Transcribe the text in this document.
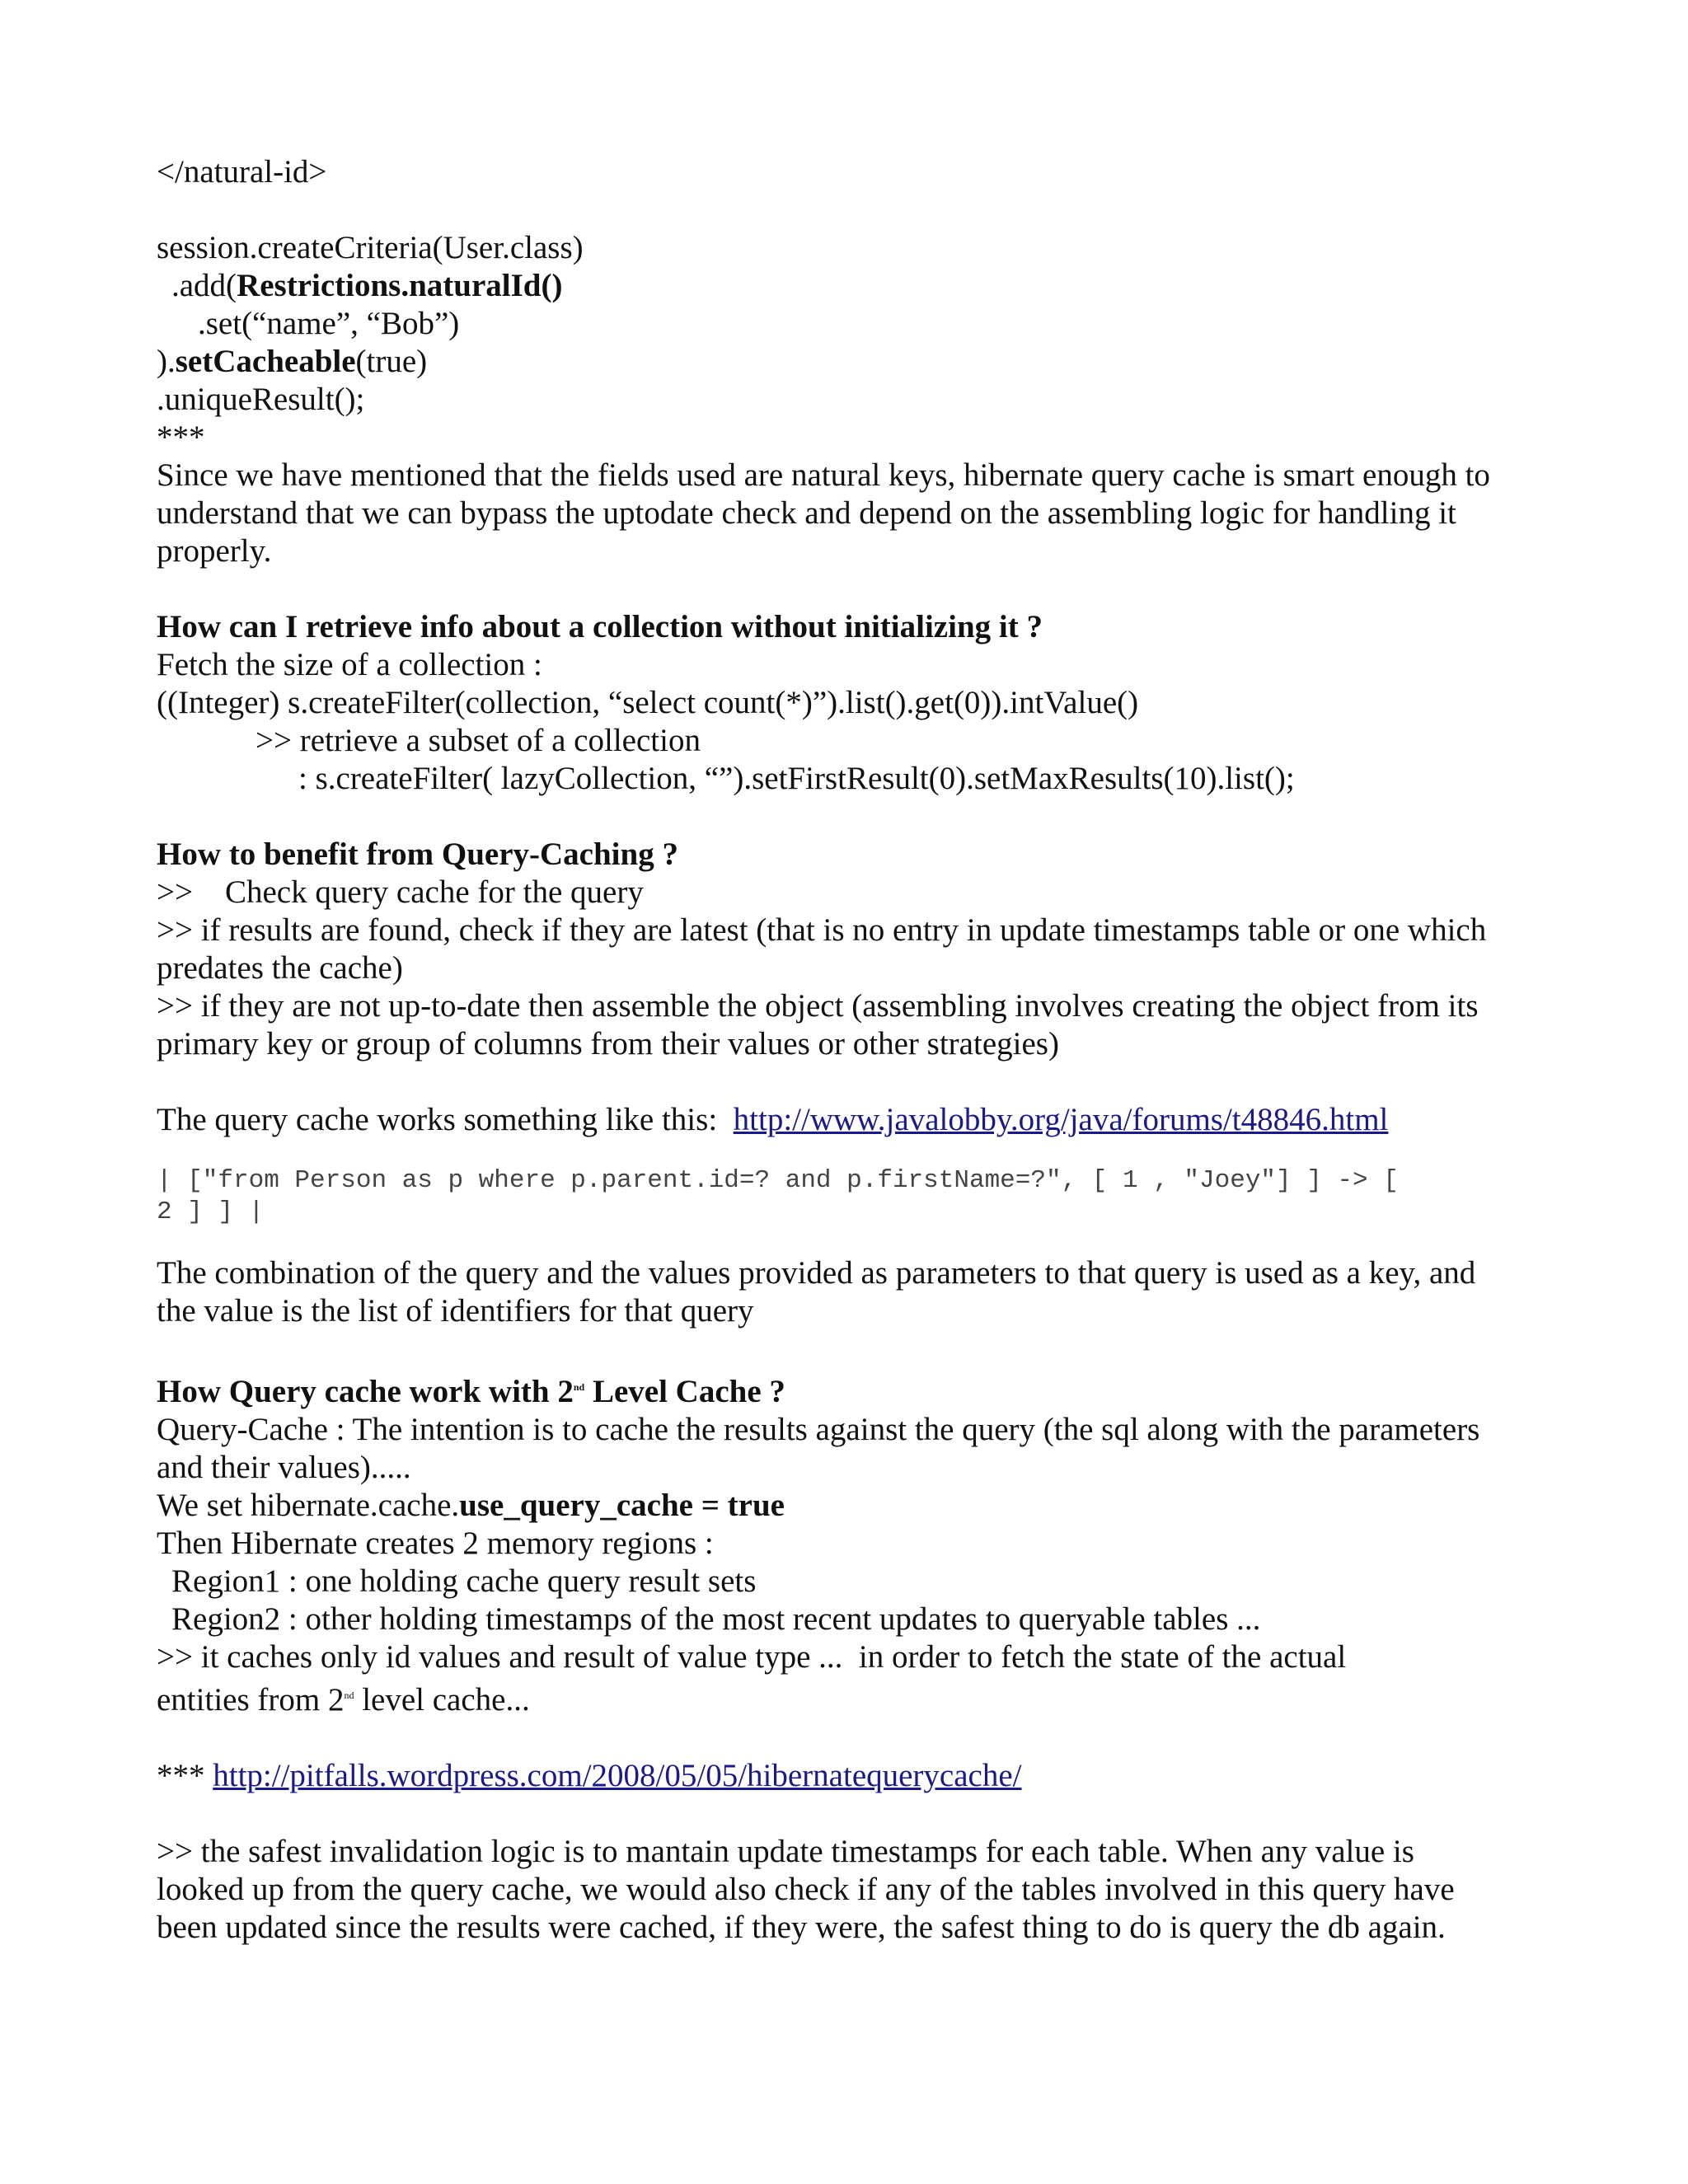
</natural-id>

session.createCriteria(User.class)

.add(Restrictions.naturalId()

.set(“name”, “Bob”)

).setCacheable(true)

.uniqueResult();

***

Since we have mentioned that the fields used are natural keys, hibernate query cache is smart enough to

understand that we can bypass the uptodate check and depend on the assembling logic for handling it

properly.

How can I retrieve info about a collection without initializing it ?

Fetch the size of a collection :

((Integer) s.createFilter(collection, “select count(*)”).list().get(0)).intValue()

>> retrieve a subset of a collection

: s.createFilter( lazyCollection, “”).setFirstResult(0).setMaxResults(10).list();

How to benefit from Query-Caching ?

>>    Check query cache for the query

>> if results are found, check if they are latest (that is no entry in update timestamps table or one which

predates the cache)

>> if they are not up-to-date then assemble the object (assembling involves creating the object from its

primary key or group of columns from their values or other strategies)

The query cache works something like this:  http://www.javalobby.org/java/forums/t48846.html

| ["from Person as p where p.parent.id=? and p.firstName=?", [ 1 , "Joey"] ] -> [

2 ] ] |

The combination of the query and the values provided as parameters to that query is used as a key, and

the value is the list of identifiers for that query

How Query cache work with 2nd Level Cache ?

Query-Cache : The intention is to cache the results against the query (the sql along with the parameters

and their values).....

We set hibernate.cache.use_query_cache = true

Then Hibernate creates 2 memory regions :

Region1 : one holding cache query result sets

Region2 : other holding timestamps of the most recent updates to queryable tables ...

>> it caches only id values and result of value type ...  in order to fetch the state of the actual

entities from 2nd level cache...

*** http://pitfalls.wordpress.com/2008/05/05/hibernatequerycache/

>> the safest invalidation logic is to mantain update timestamps for each table. When any value is

looked up from the query cache, we would also check if any of the tables involved in this query have

been updated since the results were cached, if they were, the safest thing to do is query the db again.
